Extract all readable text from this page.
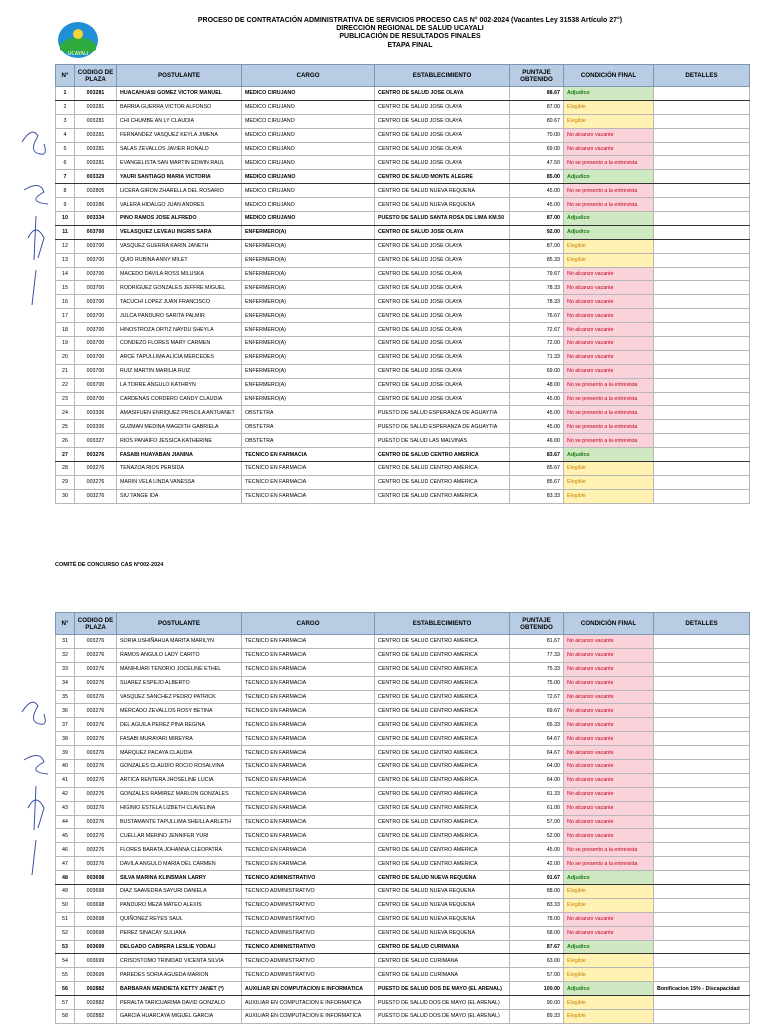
UCAYALI
PROCESO DE CONTRATACIÓN ADMINISTRATIVA DE SERVICIOS PROCESO CAS N° 002-2024 (Vacantes Ley 31538 Artículo 27°)
DIRECCIÓN REGIONAL DE SALUD UCAYALI
PUBLICACIÓN DE RESULTADOS FINALES
ETAPA FINAL
N°	CODIGO DE PLAZA	POSTULANTE	CARGO	ESTABLECIMIENTO	PUNTAJE OBTENIDO	CONDICIÓN FINAL	DETALLES
1	003281	HUACAHUASI GOMEZ VICTOR MANUEL	MEDICO CIRUJANO	CENTRO DE SALUD JOSE OLAYA	88.67	Adjudico	
2	003281	BARRIA GUERRA VICTOR ALFONSO	MEDICO CIRUJANO	CENTRO DE SALUD JOSE OLAYA	87.00	Elegible	
3	003281	CHI CHUMBE AN LY CLAUDIA	MEDICO CIRUJANO	CENTRO DE SALUD JOSE OLAYA	80.67	Elegible	
4	003281	FERNANDEZ VASQUEZ KEYLA JIMENA	MEDICO CIRUJANO	CENTRO DE SALUD JOSE OLAYA	70.00	No alcanzo vacante	
5	003281	SALAS ZEVALLOS JAVIER RONALD	MEDICO CIRUJANO	CENTRO DE SALUD JOSE OLAYA	69.00	No alcanzo vacante	
6	003281	EVANGELISTA SAN MARTIN EDWIN RAUL	MEDICO CIRUJANO	CENTRO DE SALUD JOSE OLAYA	47.50	No se presento a la entrevista	
7	003329	YAURI SANTIAGO MARIA VICTORIA	MEDICO CIRUJANO	CENTRO DE SALUD MONTE ALEGRE	85.00	Adjudico	
8	002805	LICERA GIRON ZHARELLA DEL ROSARIO	MEDICO CIRUJANO	CENTRO DE SALUD NUEVA REQUENA	45.00	No se presento a la entrevista	
9	003286	VALERA HIDALGO JUAN ANDRES	MEDICO CIRUJANO	CENTRO DE SALUD NUEVA REQUENA	45.00	No se presento a la entrevista	
10	003334	PINO RAMOS JOSE ALFREDO	MEDICO CIRUJANO	PUESTO DE SALUD SANTA ROSA DE LIMA KM.50	87.00	Adjudico	
11	003700	VELASQUEZ LEVEAU INGRIS SARA	ENFERMERO(A)	CENTRO DE SALUD JOSE OLAYA	92.00	Adjudico	
12	003700	VASQUEZ GUERRA KARIN JANETH	ENFERMERO(A)	CENTRO DE SALUD JOSE OLAYA	87.00	Elegible	
13	003700	QUIO RUBINA ANNY MILET	ENFERMERO(A)	CENTRO DE SALUD JOSE OLAYA	85.33	Elegible	
14	003700	MACEDO DAVILA ROSS MILUSKA	ENFERMERO(A)	CENTRO DE SALUD JOSE OLAYA	79.67	No alcanzo vacante	
15	003700	RODRIGUEZ GONZALES JEFFRE MIGUEL	ENFERMERO(A)	CENTRO DE SALUD JOSE OLAYA	78.33	No alcanzo vacante	
16	003700	TACUCHI LOPEZ JUAN FRANCISCO	ENFERMERO(A)	CENTRO DE SALUD JOSE OLAYA	78.33	No alcanzo vacante	
17	003700	JULCA PANDURO SARITA PALMIR	ENFERMERO(A)	CENTRO DE SALUD JOSE OLAYA	76.67	No alcanzo vacante	
18	003700	HINOSTROZA ORTIZ NAYDU SHEYLA	ENFERMERO(A)	CENTRO DE SALUD JOSE OLAYA	72.67	No alcanzo vacante	
19	003700	CONDEZO FLORES MARY CARMEN	ENFERMERO(A)	CENTRO DE SALUD JOSE OLAYA	72.00	No alcanzo vacante	
20	003700	ARCE TAPULLIMA ALICIA MERCEDES	ENFERMERO(A)	CENTRO DE SALUD JOSE OLAYA	71.33	No alcanzo vacante	
21	003700	RUIZ MARTIN MARILIA RUIZ	ENFERMERO(A)	CENTRO DE SALUD JOSE OLAYA	69.00	No alcanzo vacante	
22	003700	LA TORRE ANGULO KATHRYN	ENFERMERO(A)	CENTRO DE SALUD JOSE OLAYA	48.00	No se presento a la entrevista	
23	003700	CARDENAS CORDERO CANDY CLAUDIA	ENFERMERO(A)	CENTRO DE SALUD JOSE OLAYA	45.00	No se presento a la entrevista	
24	003336	AMASIFUEN ENRIQUEZ PRISCILA ANTUANET	OBSTETRA	PUESTO DE SALUD ESPERANZA DE AGUAYTIA	45.00	No se presento a la entrevista	
25	003336	GUZMAN MEDINA MAGDITH GABRIELA	OBSTETRA	PUESTO DE SALUD ESPERANZA DE AGUAYTIA	45.00	No se presento a la entrevista	
26	003327	RIOS PANAIFO JESSICA KATHERINE	OBSTETRA	PUESTO DE SALUD LAS MALVINAS	46.00	No se presento a la entrevista	
27	003276	FASABI HUAYABAN JIANINA	TECNICO EN FARMACIA	CENTRO DE SALUD CENTRO AMERICA	83.67	Adjudico	
28	003276	TENAZOA RIOS PERSIDA	TECNICO EN FARMACIA	CENTRO DE SALUD CENTRO AMERICA	85.67	Elegible	
29	003276	MARIN VELA LINDA VANESSA	TECNICO EN FARMACIA	CENTRO DE SALUD CENTRO AMERICA	85.67	Elegible	
30	003276	SIU TANGE IDA	TECNICO EN FARMACIA	CENTRO DE SALUD CENTRO AMERICA	83.33	Elegible	
COMITÉ DE CONCURSO CAS N°002-2024
N°	CODIGO DE PLAZA	POSTULANTE	CARGO	ESTABLECIMIENTO	PUNTAJE OBTENIDO	CONDICIÓN FINAL	DETALLES
31	003276	SORIA USHIÑAHUA MARITA MARILYN	TECNICO EN FARMACIA	CENTRO DE SALUD CENTRO AMERICA	81.67	No alcanzo vacante	
32	003276	RAMOS ANGULO LADY CARITO	TECNICO EN FARMACIA	CENTRO DE SALUD CENTRO AMERICA	77.33	No alcanzo vacante	
33	003276	MANIHUARI TENORIO JOCELINE ETHEL	TECNICO EN FARMACIA	CENTRO DE SALUD CENTRO AMERICA	75.33	No alcanzo vacante	
34	003276	SUAREZ ESPEJO ALBERTO	TECNICO EN FARMACIA	CENTRO DE SALUD CENTRO AMERICA	75.00	No alcanzo vacante	
35	003276	VASQUEZ SANCHEZ PEDRO PATRICK	TECNICO EN FARMACIA	CENTRO DE SALUD CENTRO AMERICA	72.67	No alcanzo vacante	
36	003276	MERCADO ZEVALLOS ROSY BETINA	TECNICO EN FARMACIA	CENTRO DE SALUD CENTRO AMERICA	69.67	No alcanzo vacante	
37	003276	DEL AGUILA PEREZ PINA REGINA	TECNICO EN FARMACIA	CENTRO DE SALUD CENTRO AMERICA	65.33	No alcanzo vacante	
38	003276	FASABI MURAYARI MIREYRA	TECNICO EN FARMACIA	CENTRO DE SALUD CENTRO AMERICA	64.67	No alcanzo vacante	
39	003276	MARQUEZ PACAYA CLAUDIA	TECNICO EN FARMACIA	CENTRO DE SALUD CENTRO AMERICA	64.67	No alcanzo vacante	
40	003276	GONZALES CLAUDIO ROCIO ROSALVINA	TECNICO EN FARMACIA	CENTRO DE SALUD CENTRO AMERICA	64.00	No alcanzo vacante	
41	003276	ARTICA RENTERA JHOSELINE LUCIA	TECNICO EN FARMACIA	CENTRO DE SALUD CENTRO AMERICA	64.00	No alcanzo vacante	
42	003276	GONZALES RAMIREZ MARLON GONZALES	TECNICO EN FARMACIA	CENTRO DE SALUD CENTRO AMERICA	61.33	No alcanzo vacante	
43	003276	HIGINIO ESTELA LIZBETH CLAVELINA	TECNICO EN FARMACIA	CENTRO DE SALUD CENTRO AMERICA	61.00	No alcanzo vacante	
44	003276	BUSTAMANTE TAPULLIMA SHEILLA ARLETH	TECNICO EN FARMACIA	CENTRO DE SALUD CENTRO AMERICA	57.00	No alcanzo vacante	
45	003276	CUELLAR MERINO JENNIFER YURI	TECNICO EN FARMACIA	CENTRO DE SALUD CENTRO AMERICA	52.00	No alcanzo vacante	
46	003276	FLORES BARATA JOHANNA CLEOPATRA	TECNICO EN FARMACIA	CENTRO DE SALUD CENTRO AMERICA	45.00	No se presento a la entrevista	
47	003276	DAVILA ANGULO MARIA DEL CARMEN	TECNICO EN FARMACIA	CENTRO DE SALUD CENTRO AMERICA	42.00	No se presento a la entrevista	
48	003698	SILVA MARINA KLINSMAN LARRY	TECNICO ADMINISTRATIVO	CENTRO DE SALUD NUEVA REQUENA	91.67	Adjudico	
49	003698	DIAZ SAAVEDRA SAYURI DANIELA	TECNICO ADMINISTRATIVO	CENTRO DE SALUD NUEVA REQUENA	88.00	Elegible	
50	003698	PANDURO MEZA MATEO ALEXIS	TECNICO ADMINISTRATIVO	CENTRO DE SALUD NUEVA REQUENA	83.33	Elegible	
51	003698	QUIÑONEZ REYES SAUL	TECNICO ADMINISTRATIVO	CENTRO DE SALUD NUEVA REQUENA	78.00	No alcanzo vacante	
52	003698	PEREZ SINACAY SULIANA	TECNICO ADMINISTRATIVO	CENTRO DE SALUD NUEVA REQUENA	68.00	No alcanzo vacante	
53	003699	DELGADO CABRERA LESLIE YODALI	TECNICO ADMINISTRATIVO	CENTRO DE SALUD CURIMANA	87.67	Adjudico	
54	003699	CRISOSTOMO TRINIDAD VICENTA SILVIA	TECNICO ADMINISTRATIVO	CENTRO DE SALUD CURIMANA	63.00	Elegible	
55	003699	PAREDES SORIA AGUEDA MARION	TECNICO ADMINISTRATIVO	CENTRO DE SALUD CURIMANA	57.00	Elegible	
56	002882	BARBARAN MENDIETA KETTY JANET (*)	AUXILIAR EN COMPUTACION E INFORMATICA	PUESTO DE SALUD DOS DE MAYO (EL ARENAL)	100.00	Adjudico	Bonificacion 15% - Discapacidad
57	002882	PERALTA TARICUARIMA DAVID GONZALO	AUXILIAR EN COMPUTACION E INFORMATICA	PUESTO DE SALUD DOS DE MAYO (EL ARENAL)	90.00	Elegible	
58	002882	GARCIA HUARCAYA MIGUEL GARCIA	AUXILIAR EN COMPUTACION E INFORMATICA	PUESTO DE SALUD DOS DE MAYO (EL ARENAL)	89.33	Elegible	
